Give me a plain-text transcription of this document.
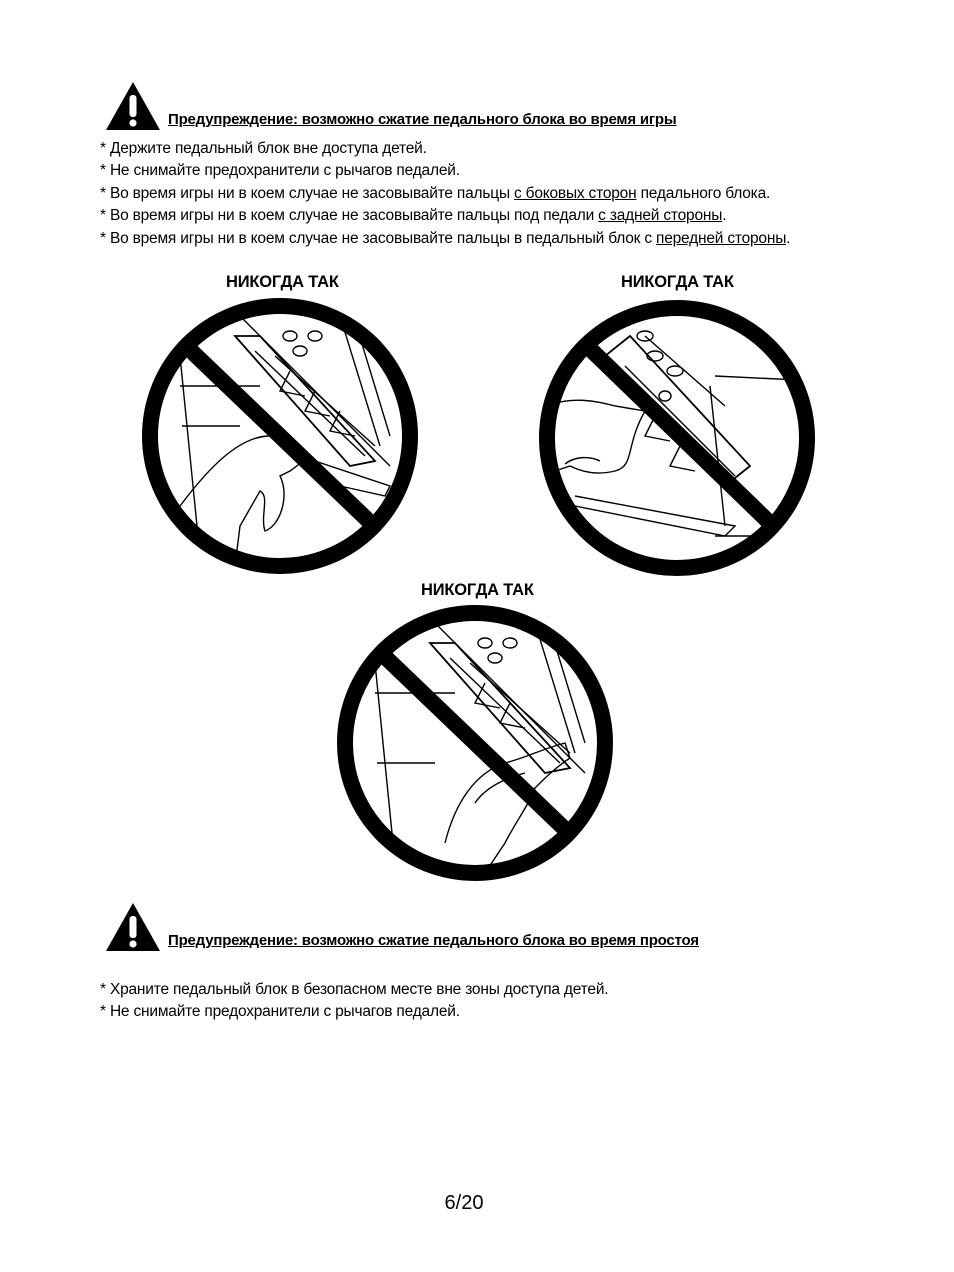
Предупреждение: возможно сжатие педального блока во время игры
* Держите педальный блок вне доступа детей.
* Не снимайте предохранители с рычагов педалей.
* Во время игры ни в коем случае не засовывайте пальцы с боковых сторон педального блока.
* Во время игры ни в коем случае не засовывайте пальцы под педали с задней стороны.
* Во время игры ни в коем случае не засовывайте пальцы в педальный блок с передней стороны.
НИКОГДА ТАК	НИКОГДА ТАК
НИКОГДА ТАК
Предупреждение: возможно сжатие педального блока во время простоя
* Храните педальный блок в безопасном месте вне зоны доступа детей.
* Не снимайте предохранители с рычагов педалей.
6/20
